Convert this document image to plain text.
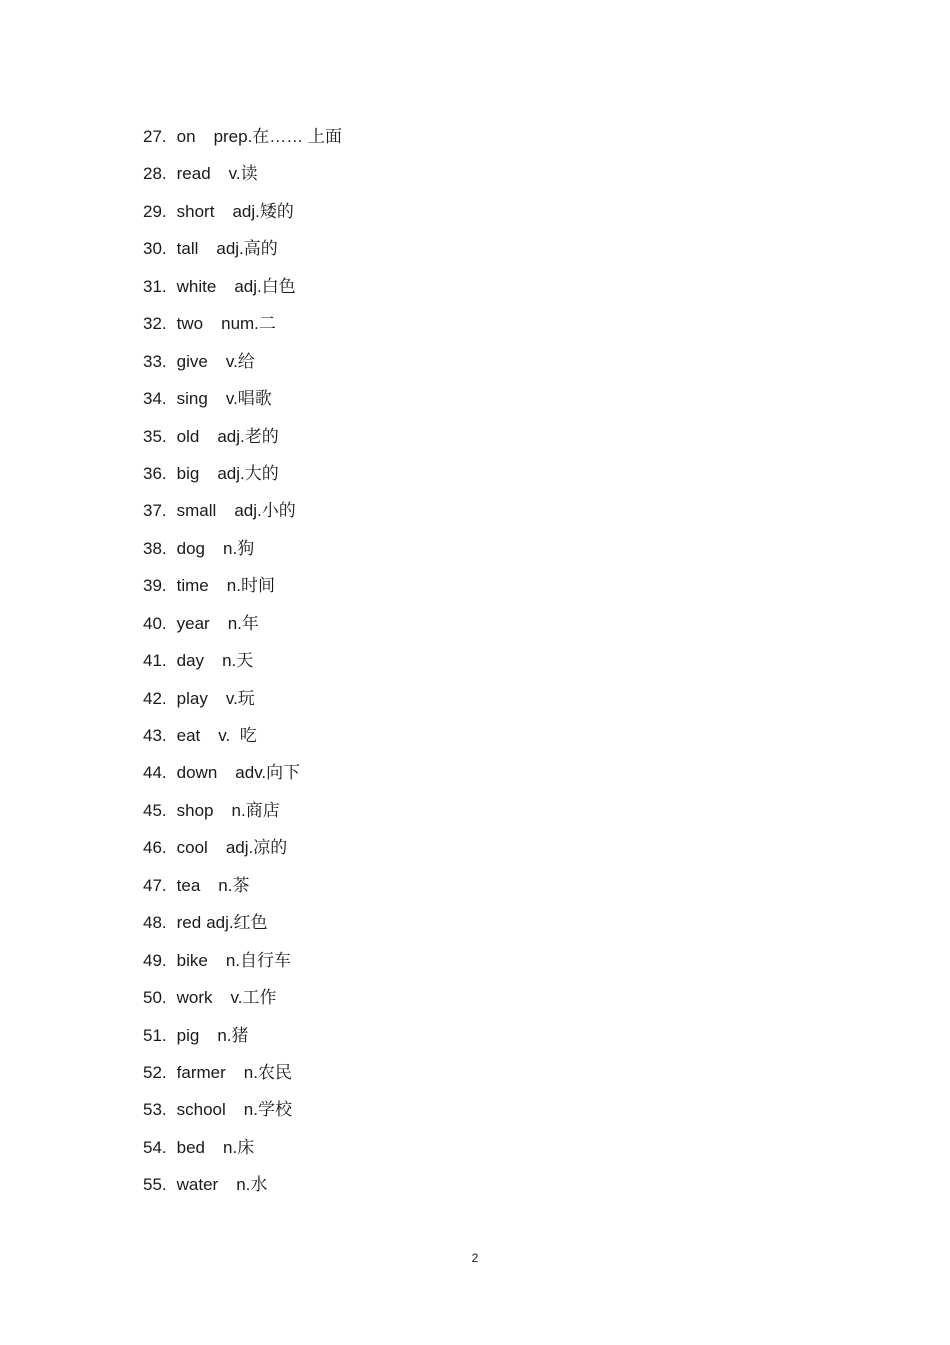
27. on prep.在…… 上面
28. read v.读
29. short adj.矮的
30. tall adj.高的
31. white adj.白色
32. two num.二
33. give v.给
34. sing v.唱歌
35. old adj.老的
36. big adj.大的
37. small adj.小的
38. dog n.狗
39. time n.时间
40. year n.年
41. day n.天
42. play v.玩
43. eat v.  吃
44. down adv.向下
45. shop n.商店
46. cool adj.凉的
47. tea n.茶
48. red adj.红色
49. bike n.自行车
50. work v.工作
51. pig n.猪
52. farmer n.农民
53. school n.学校
54. bed n.床
55. water n.水
2
